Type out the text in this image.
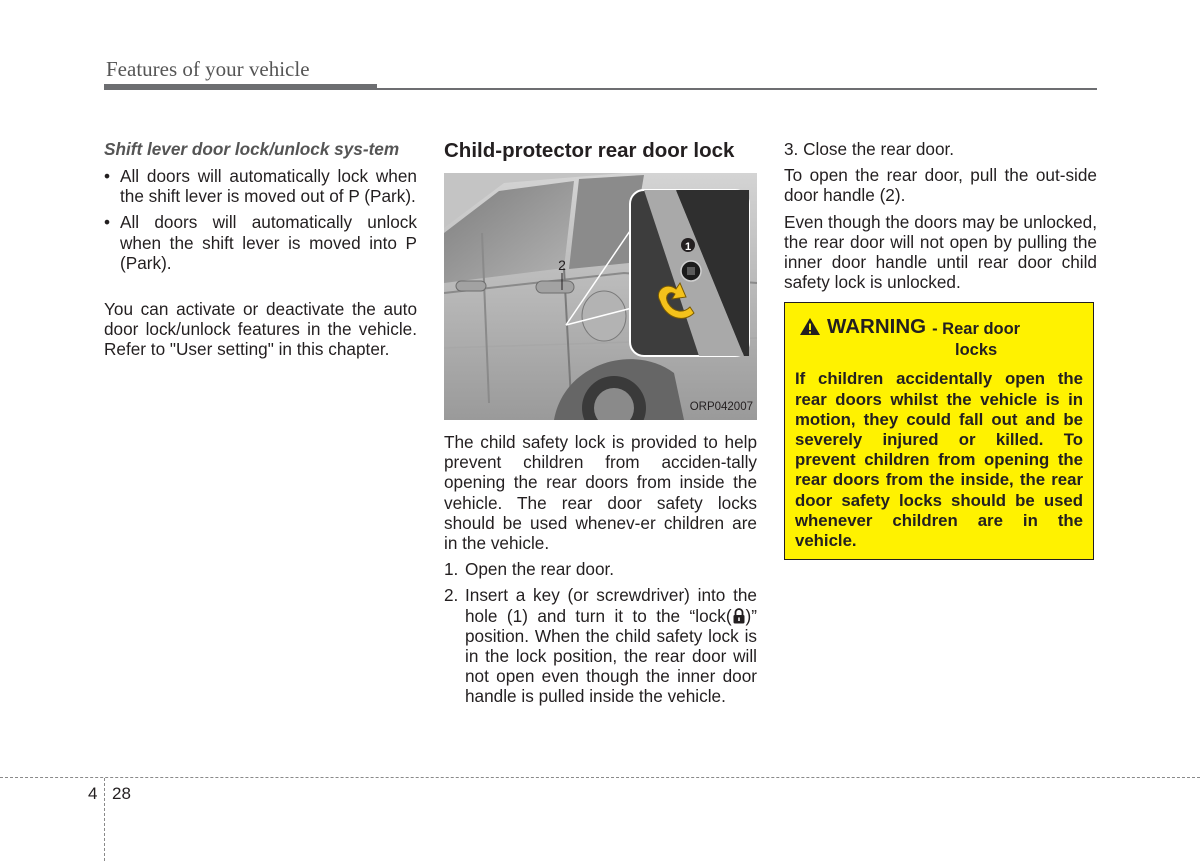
Features of your vehicle
Shift lever door lock/unlock sys-tem
• All doors will automatically lock when the shift lever is moved out of P (Park).
• All doors will automatically unlock when the shift lever is moved into P (Park).

You can activate or deactivate the auto door lock/unlock features in the vehicle. Refer to "User setting" in this chapter.

Child-protector rear door lock
1
2
ORP042007

The child safety lock is provided to help prevent children from acciden-tally opening the rear doors from inside the vehicle. The rear door safety locks should be used whenev-er children are in the vehicle.

1. Open the rear door.
2. Insert a key (or screwdriver) into the hole (1) and turn it to the “lock( )” position. When the child safety lock is in the lock position, the rear door will not open even though the inner door handle is pulled inside the vehicle.

3. Close the rear door.

To open the rear door, pull the out-side door handle (2).

Even though the doors may be unlocked, the rear door will not open by pulling the inner door handle until rear door child safety lock is unlocked.

WARNING - Rear door
locks
If children accidentally open the rear doors whilst the vehicle is in motion, they could fall out and be severely injured or killed. To prevent children from opening the rear doors from the inside, the rear door safety locks should be used whenever children are in the vehicle.
4 28
